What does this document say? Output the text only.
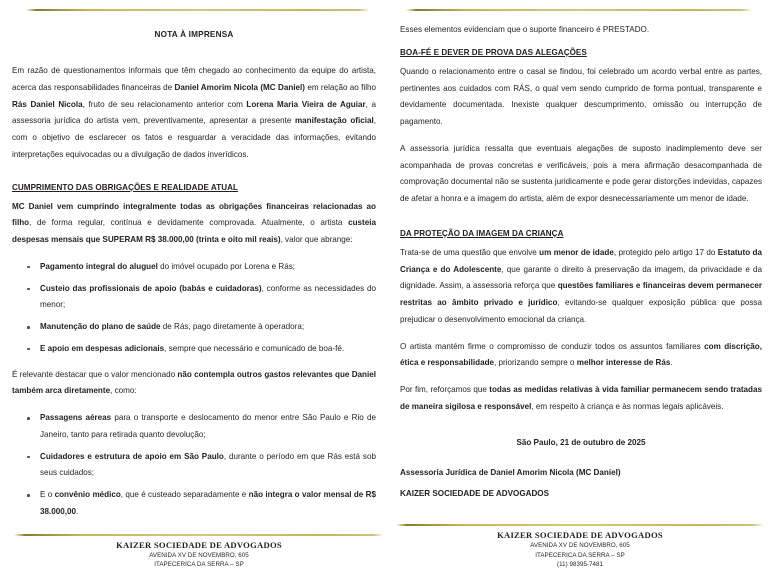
NOTA À IMPRENSA

Em razão de questionamentos informais que têm chegado ao conhecimento da equipe do artista, acerca das responsabilidades financeiras de Daniel Amorim Nicola (MC Daniel) em relação ao filho Rás Daniel Nicola, fruto de seu relacionamento anterior com Lorena Maria Vieira de Aguiar, a assessoria jurídica do artista vem, preventivamente, apresentar a presente manifestação oficial, com o objetivo de esclarecer os fatos e resguardar a veracidade das informações, evitando interpretações equivocadas ou a divulgação de dados inverídicos.

CUMPRIMENTO DAS OBRIGAÇÕES E REALIDADE ATUAL

MC Daniel vem cumprindo integralmente todas as obrigações financeiras relacionadas ao filho, de forma regular, contínua e devidamente comprovada. Atualmente, o artista custeia despesas mensais que SUPERAM R$ 38.000,00 (trinta e oito mil reais), valor que abrange:

Pagamento integral do aluguel do imóvel ocupado por Lorena e Rás;
Custeio das profissionais de apoio (babás e cuidadoras), conforme as necessidades do menor;
Manutenção do plano de saúde de Rás, pago diretamente à operadora;
E apoio em despesas adicionais, sempre que necessário e comunicado de boa-fé.

É relevante destacar que o valor mencionado não contempla outros gastos relevantes que Daniel também arca diretamente, como:

Passagens aéreas para o transporte e deslocamento do menor entre São Paulo e Rio de Janeiro, tanto para retirada quanto devolução;
Cuidadores e estrutura de apoio em São Paulo, durante o período em que Rás está sob seus cuidados;
E o convênio médico, que é custeado separadamente e não integra o valor mensal de R$ 38.000,00.
KAIZER SOCIEDADE DE ADVOGADOS
AVENIDA XV DE NOVEMBRO, 605
ITAPECERICA DA SERRA – SP

Esses elementos evidenciam que o suporte financeiro é PRESTADO.

BOA-FÉ E DEVER DE PROVA DAS ALEGAÇÕES

Quando o relacionamento entre o casal se findou, foi celebrado um acordo verbal entre as partes, pertinentes aos cuidados com RÁS, o qual vem sendo cumprido de forma pontual, transparente e devidamente documentada. Inexiste qualquer descumprimento, omissão ou interrupção de pagamento.

A assessoria jurídica ressalta que eventuais alegações de suposto inadimplemento deve ser acompanhada de provas concretas e verificáveis, pois a mera afirmação desacompanhada de comprovação documental não se sustenta juridicamente e pode gerar distorções indevidas, capazes de afetar a honra e a imagem do artista, além de expor desnecessariamente um menor de idade.

DA PROTEÇÃO DA IMAGEM DA CRIANÇA

Trata-se de uma questão que envolve um menor de idade, protegido pelo artigo 17 do Estatuto da Criança e do Adolescente, que garante o direito à preservação da imagem, da privacidade e da dignidade. Assim, a assessoria reforça que questões familiares e financeiras devem permanecer restritas ao âmbito privado e jurídico, evitando-se qualquer exposição pública que possa prejudicar o desenvolvimento emocional da criança.

O artista mantém firme o compromisso de conduzir todos os assuntos familiares com discrição, ética e responsabilidade, priorizando sempre o melhor interesse de Rás.

Por fim, reforçamos que todas as medidas relativas à vida familiar permanecem sendo tratadas de maneira sigilosa e responsável, em respeito à criança e às normas legais aplicáveis.

São Paulo, 21 de outubro de 2025
Assessoria Jurídica de Daniel Amorim Nicola (MC Daniel)
KAIZER SOCIEDADE DE ADVOGADOS
KAIZER SOCIEDADE DE ADVOGADOS
AVENIDA XV DE NOVEMBRO, 605
ITAPECERICA DA SERRA – SP
(11) 98395-7481
